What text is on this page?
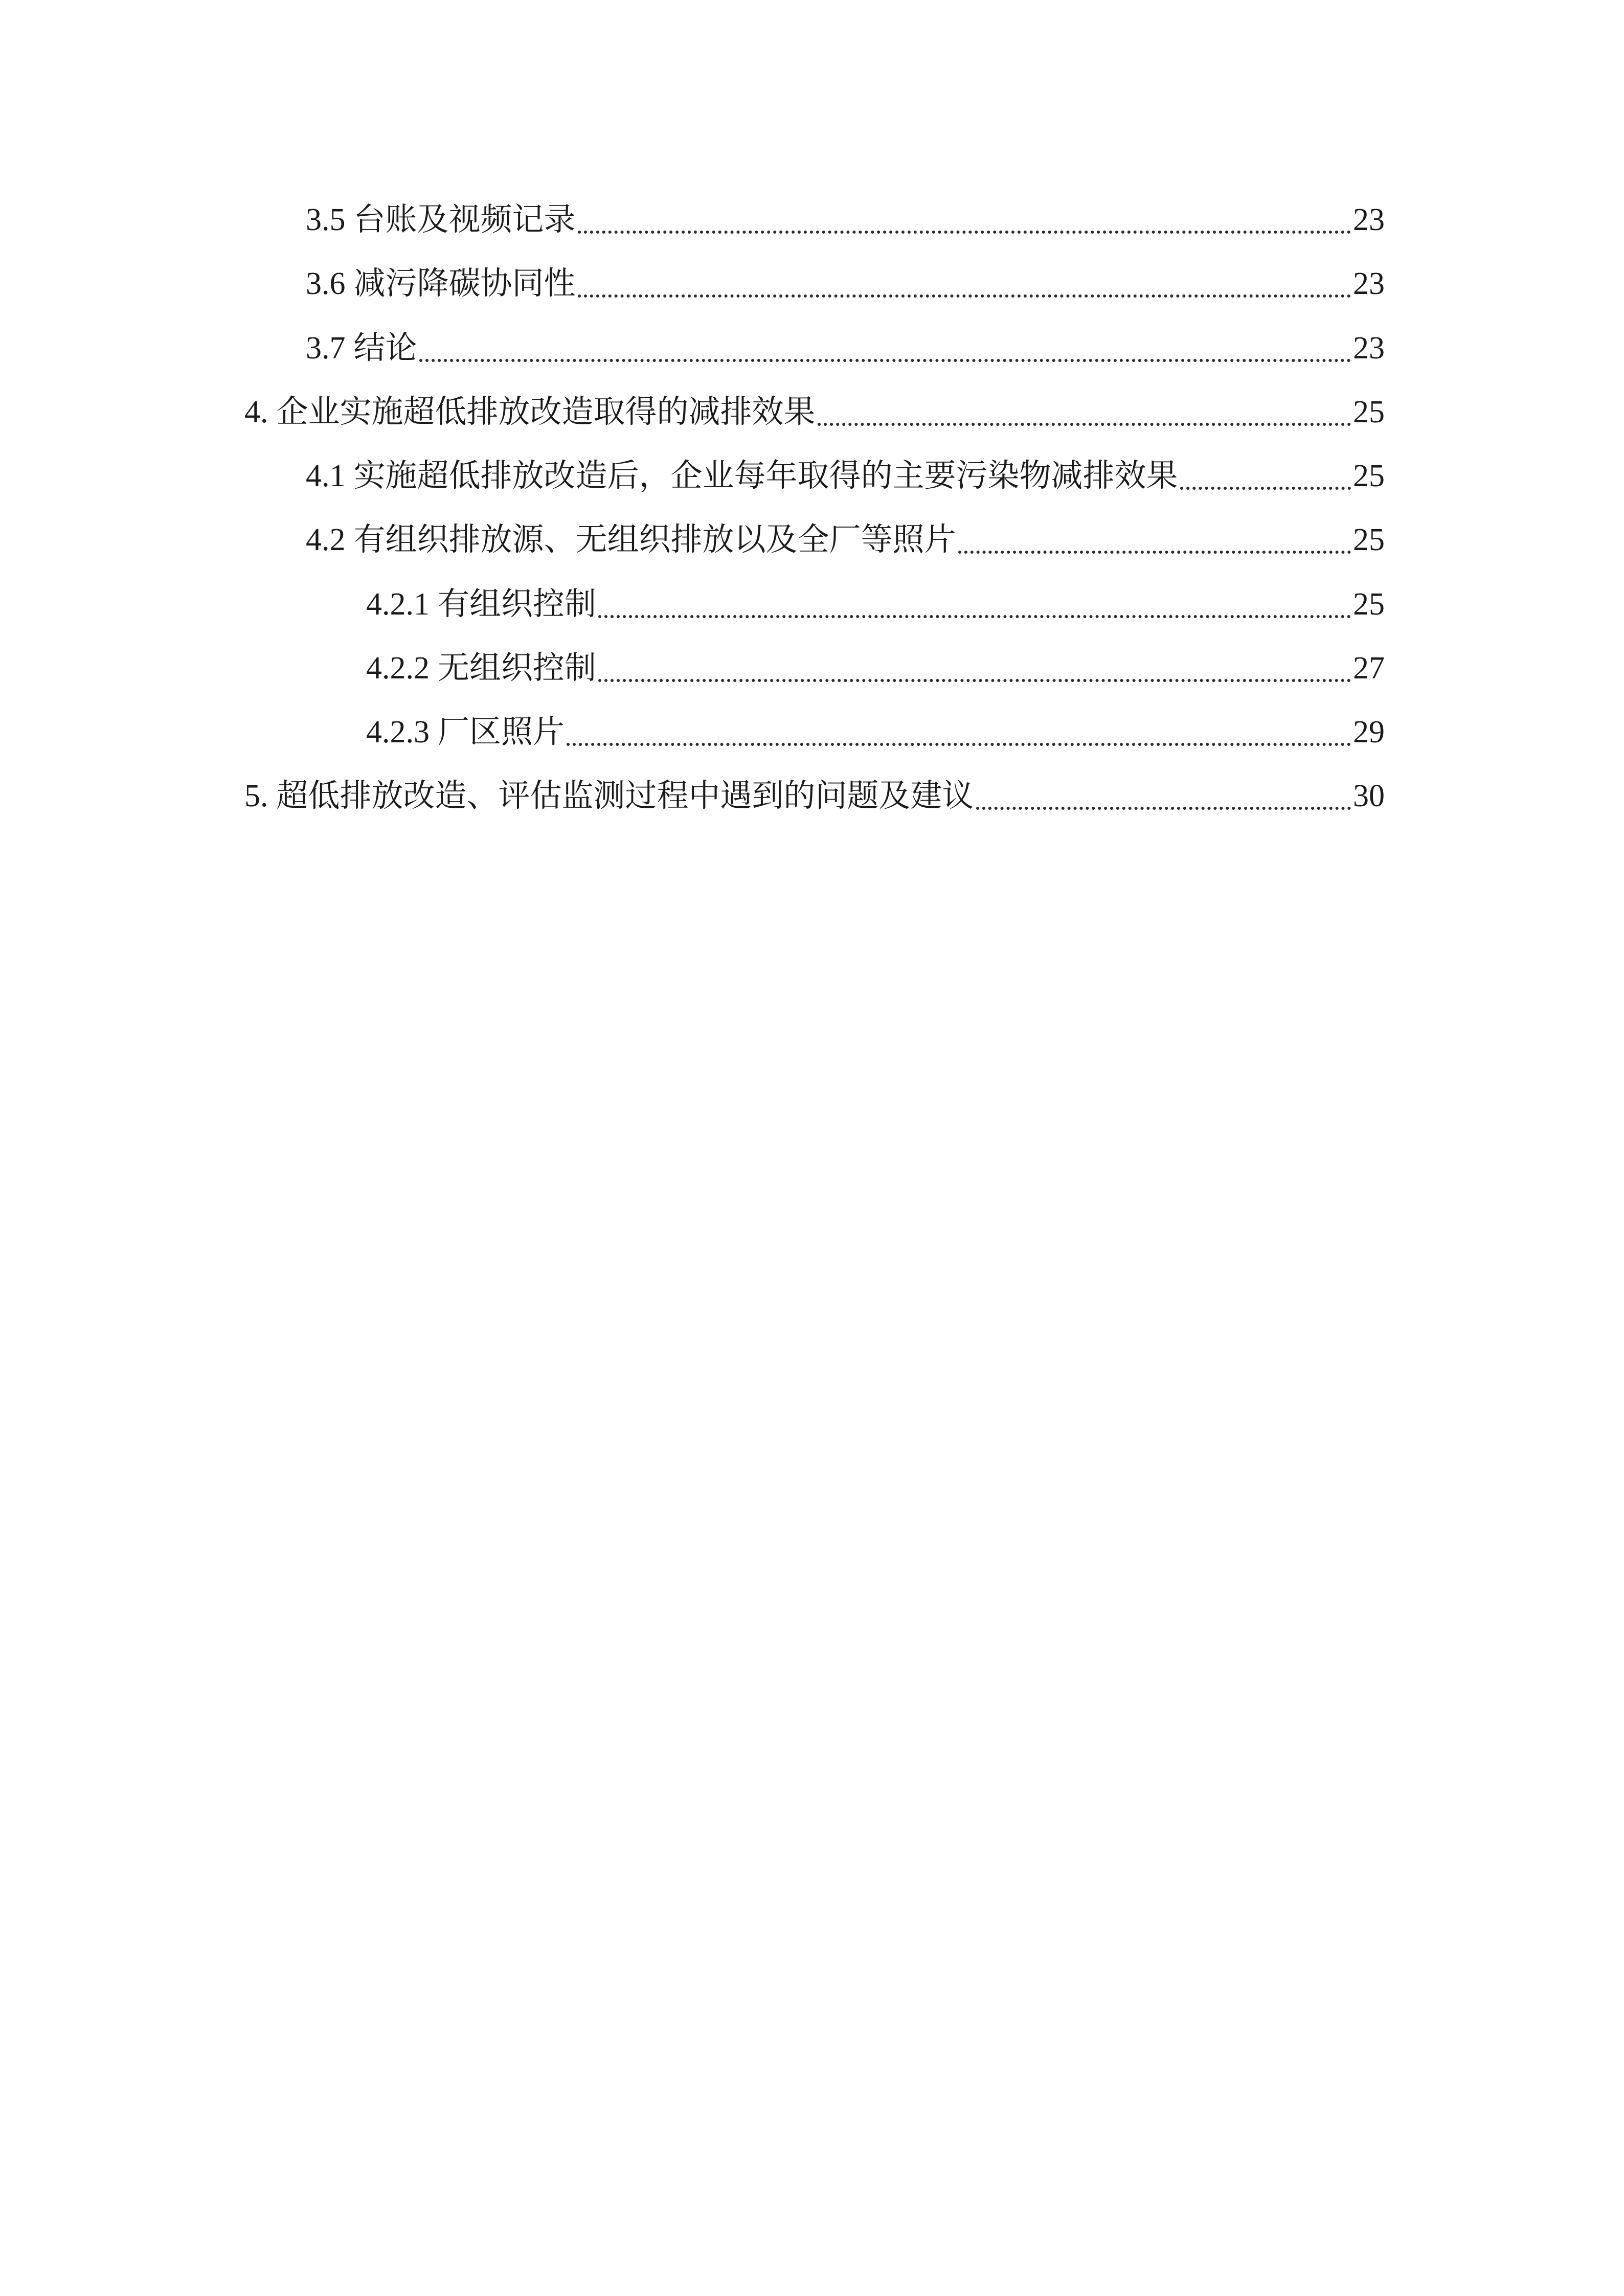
3.5 台账及视频记录	23
3.6 减污降碳协同性	23
3.7 结论	23
4. 企业实施超低排放改造取得的减排效果	25
4.1 实施超低排放改造后，企业每年取得的主要污染物减排效果	25
4.2 有组织排放源、无组织排放以及全厂等照片	25
4.2.1 有组织控制	25
4.2.2 无组织控制	27
4.2.3 厂区照片	29
5. 超低排放改造、评估监测过程中遇到的问题及建议	30
